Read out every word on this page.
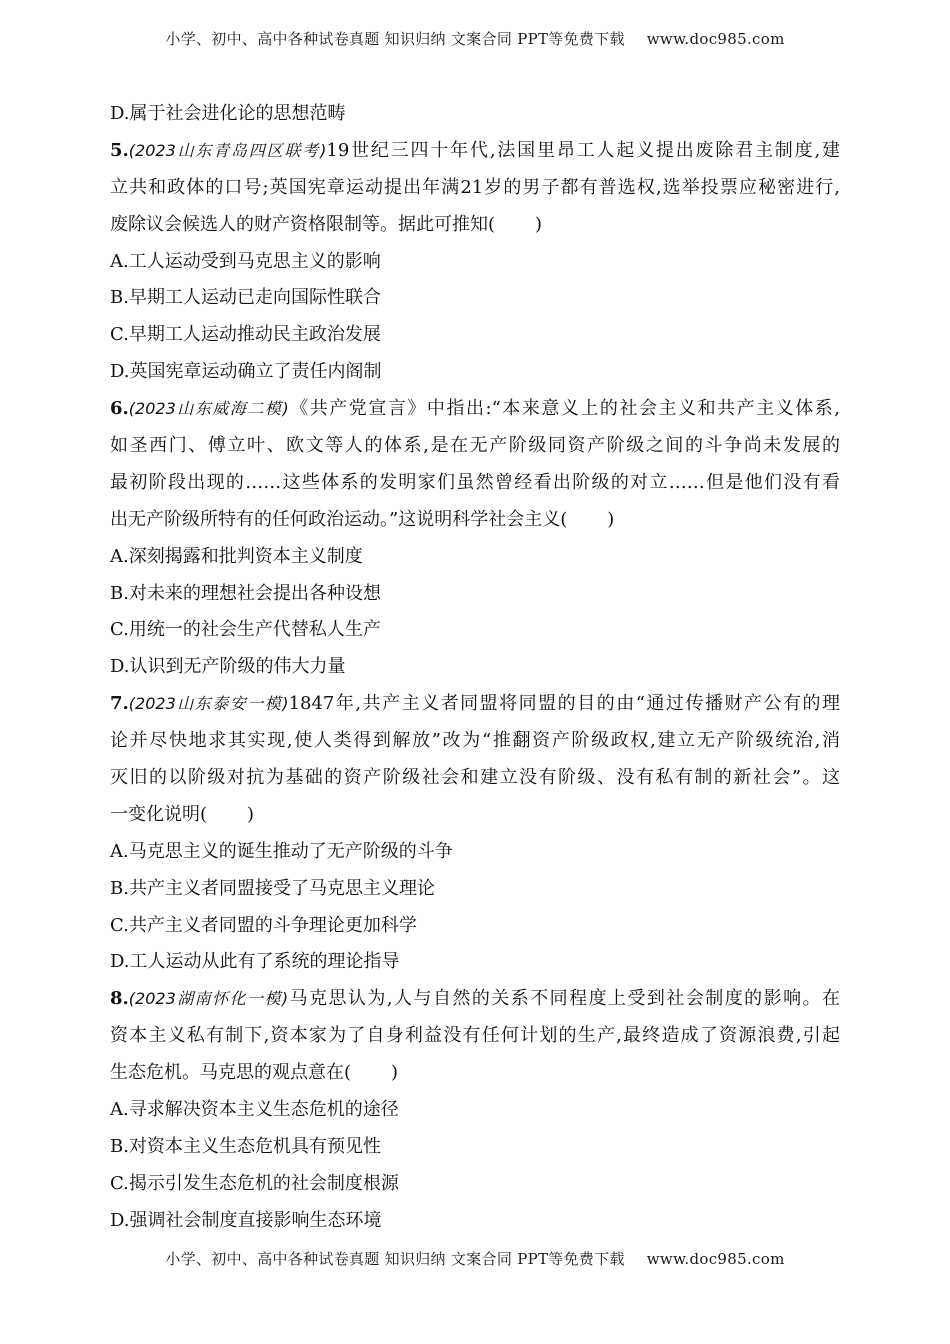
小学、初中、高中各种试卷真题 知识归纳 文案合同 PPT等免费下载 www.doc985.com
D.属于社会进化论的思想范畴
5.(2023山东青岛四区联考)19世纪三四十年代,法国里昂工人起义提出废除君主制度,建
立共和政体的口号;英国宪章运动提出年满21岁的男子都有普选权,选举投票应秘密进行,
废除议会候选人的财产资格限制等。据此可推知( )
A.工人运动受到马克思主义的影响
B.早期工人运动已走向国际性联合
C.早期工人运动推动民主政治发展
D.英国宪章运动确立了责任内阁制
6.(2023山东威海二模)《共产党宣言》中指出:“本来意义上的社会主义和共产主义体系,
如圣西门、傅立叶、欧文等人的体系,是在无产阶级同资产阶级之间的斗争尚未发展的
最初阶段出现的……这些体系的发明家们虽然曾经看出阶级的对立……但是他们没有看
出无产阶级所特有的任何政治运动。”这说明科学社会主义( )
A.深刻揭露和批判资本主义制度
B.对未来的理想社会提出各种设想
C.用统一的社会生产代替私人生产
D.认识到无产阶级的伟大力量
7.(2023山东泰安一模)1847年,共产主义者同盟将同盟的目的由“通过传播财产公有的理
论并尽快地求其实现,使人类得到解放”改为“推翻资产阶级政权,建立无产阶级统治,消
灭旧的以阶级对抗为基础的资产阶级社会和建立没有阶级、没有私有制的新社会”。这
一变化说明( )
A.马克思主义的诞生推动了无产阶级的斗争
B.共产主义者同盟接受了马克思主义理论
C.共产主义者同盟的斗争理论更加科学
D.工人运动从此有了系统的理论指导
8.(2023湖南怀化一模)马克思认为,人与自然的关系不同程度上受到社会制度的影响。在
资本主义私有制下,资本家为了自身利益没有任何计划的生产,最终造成了资源浪费,引起
生态危机。马克思的观点意在( )
A.寻求解决资本主义生态危机的途径
B.对资本主义生态危机具有预见性
C.揭示引发生态危机的社会制度根源
D.强调社会制度直接影响生态环境
小学、初中、高中各种试卷真题 知识归纳 文案合同 PPT等免费下载 www.doc985.com
